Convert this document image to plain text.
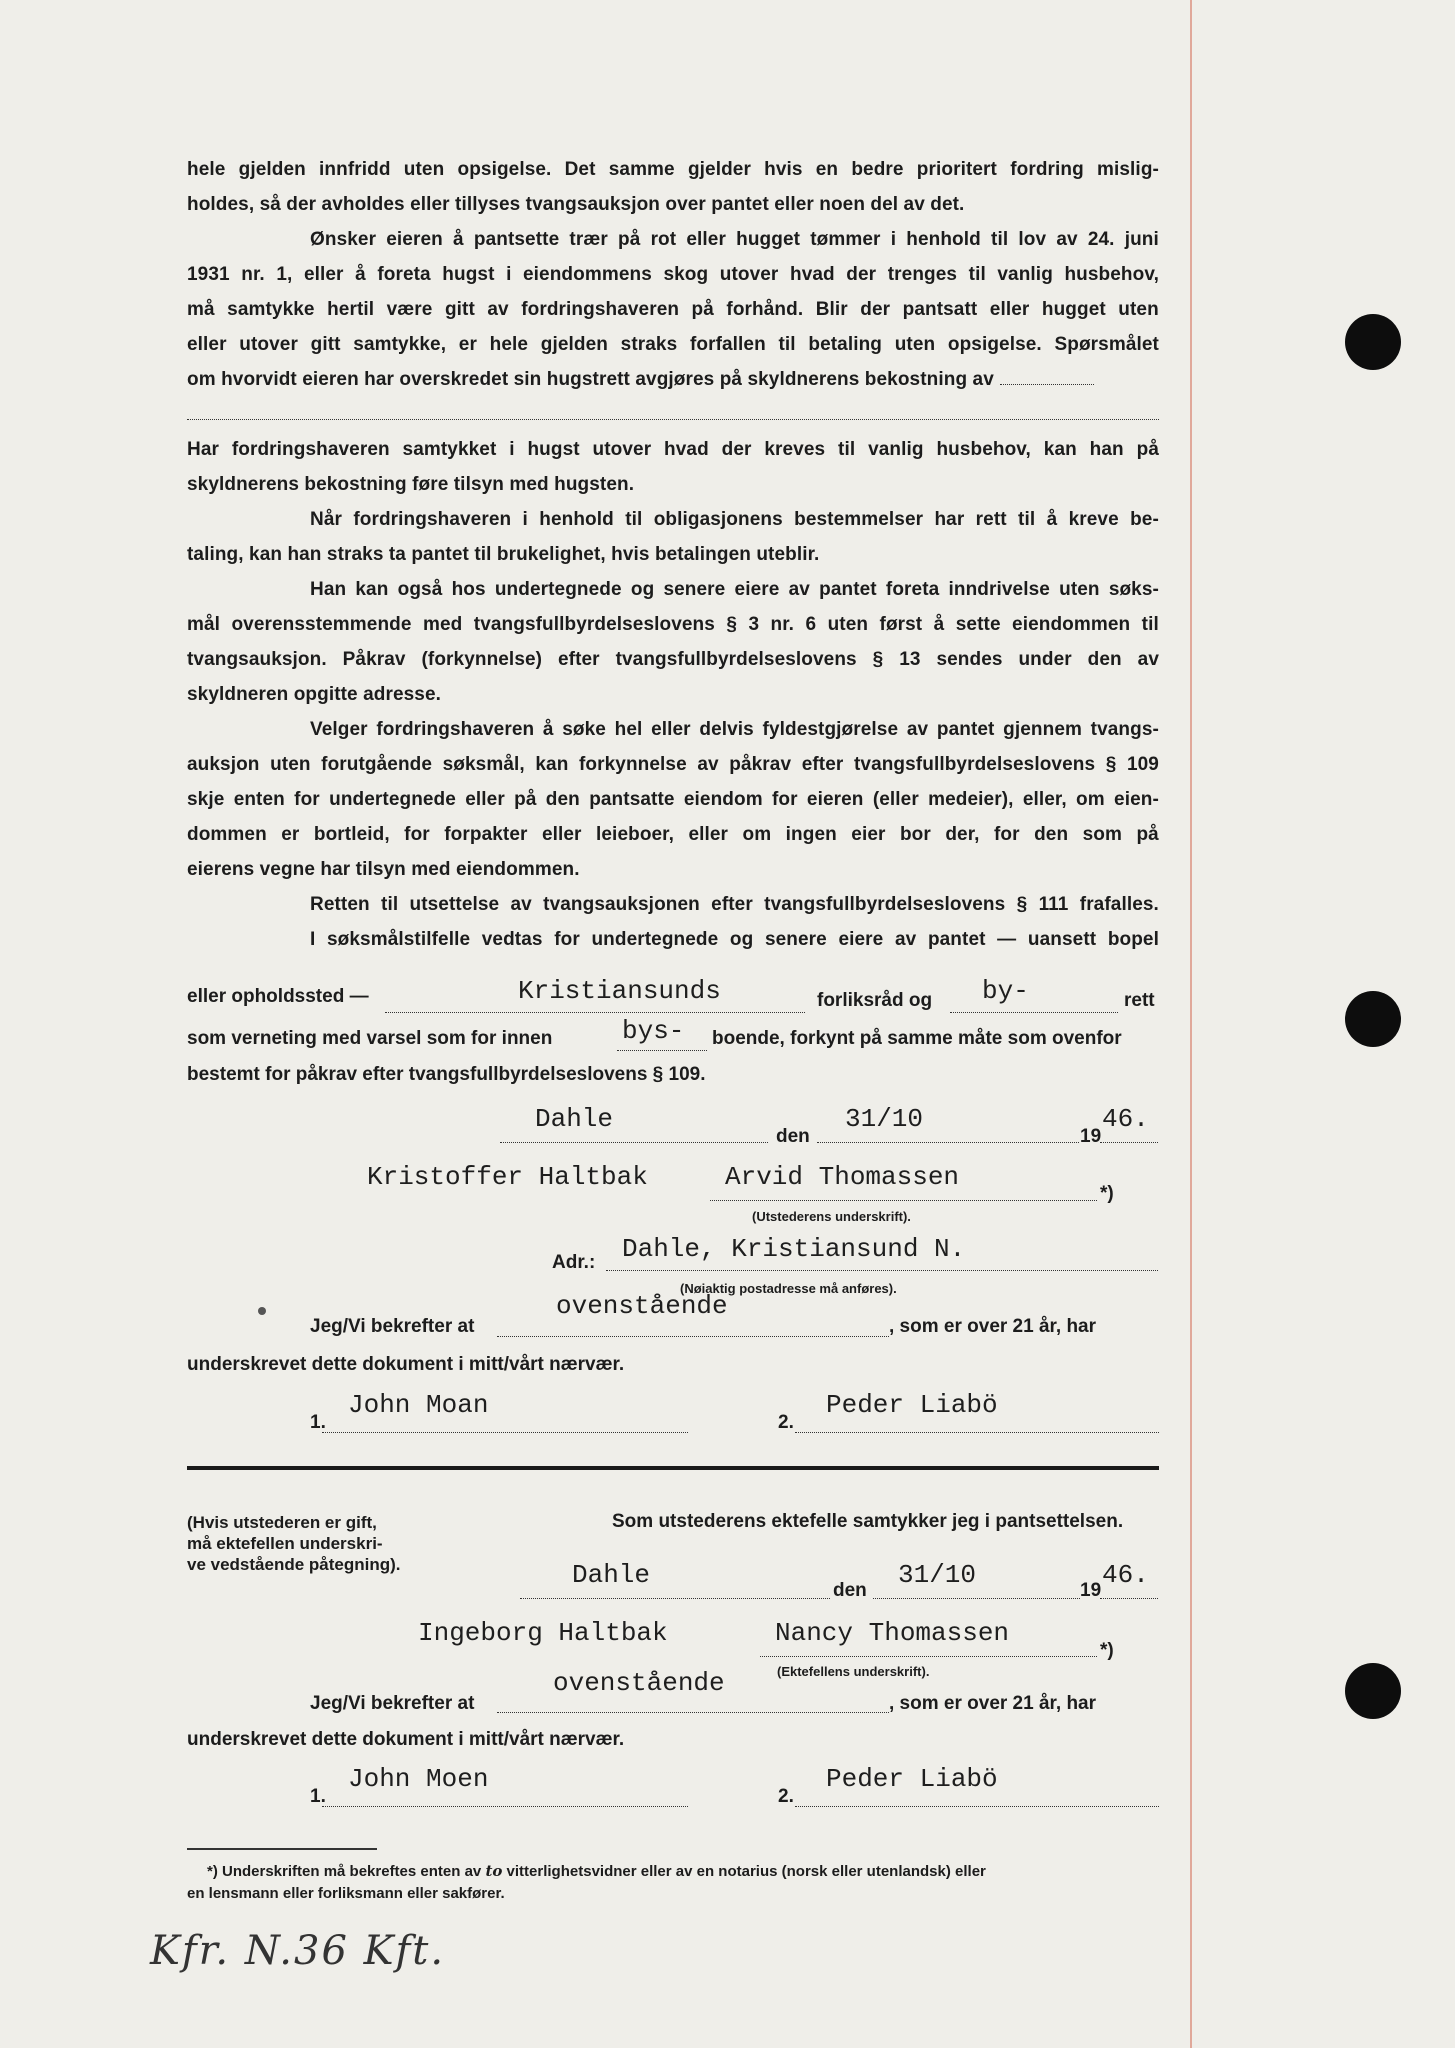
hele gjelden innfridd uten opsigelse. Det samme gjelder hvis en bedre prioritert fordring mislig-
holdes, så der avholdes eller tillyses tvangsauksjon over pantet eller noen del av det.
Ønsker eieren å pantsette trær på rot eller hugget tømmer i henhold til lov av 24. juni
1931 nr. 1, eller å foreta hugst i eiendommens skog utover hvad der trenges til vanlig husbehov,
må samtykke hertil være gitt av fordringshaveren på forhånd. Blir der pantsatt eller hugget uten
eller utover gitt samtykke, er hele gjelden straks forfallen til betaling uten opsigelse. Spørsmålet
om hvorvidt eieren har overskredet sin hugstrett avgjøres på skyldnerens bekostning av
Har fordringshaveren samtykket i hugst utover hvad der kreves til vanlig husbehov, kan han på
skyldnerens bekostning føre tilsyn med hugsten.
Når fordringshaveren i henhold til obligasjonens bestemmelser har rett til å kreve be-
taling, kan han straks ta pantet til brukelighet, hvis betalingen uteblir.
Han kan også hos undertegnede og senere eiere av pantet foreta inndrivelse uten søks-
mål overensstemmende med tvangsfullbyrdelseslovens § 3 nr. 6 uten først å sette eiendommen til
tvangsauksjon. Påkrav (forkynnelse) efter tvangsfullbyrdelseslovens § 13 sendes under den av
skyldneren opgitte adresse.
Velger fordringshaveren å søke hel eller delvis fyldestgjørelse av pantet gjennem tvangs-
auksjon uten forutgående søksmål, kan forkynnelse av påkrav efter tvangsfullbyrdelseslovens § 109
skje enten for undertegnede eller på den pantsatte eiendom for eieren (eller medeier), eller, om eien-
dommen er bortleid, for forpakter eller leieboer, eller om ingen eier bor der, for den som på
eierens vegne har tilsyn med eiendommen.
Retten til utsettelse av tvangsauksjonen efter tvangsfullbyrdelseslovens § 111 frafalles.
I søksmålstilfelle vedtas for undertegnede og senere eiere av pantet — uansett bopel
eller opholdssted —	Kristiansunds	forliksråd og by-	rett
som verneting med varsel som for innen	bys- boende, forkynt på samme måte som ovenfor
bestemt for påkrav efter tvangsfullbyrdelseslovens § 109.
Dahle
den
31/10
19
46.
Kristoffer Haltbak	Arvid Thomassen
*)
(Utstederens underskrift).
Adr.: Dahle, Kristiansund N.
(Nøiaktig postadresse må anføres).
Jeg/Vi bekrefter at
ovenstående
, som er over 21 år, har
underskrevet dette dokument i mitt/vårt nærvær.
1.
John Moan
2.
Peder Liabö
(Hvis utstederen er gift,
må ektefellen underskri-
ve vedstående påtegning).
Som utstederens ektefelle samtykker jeg i pantsettelsen.
Dahle
den
31/10
19
46.
Ingeborg Haltbak	Nancy Thomassen
*)
(Ektefellens underskrift).
Jeg/Vi bekrefter at
ovenstående
, som er over 21 år, har
underskrevet dette dokument i mitt/vårt nærvær.
1.
John Moen
2.
Peder Liabö
*) Underskriften må bekreftes enten av to vitterlighetsvidner eller av en notarius (norsk eller utenlandsk) eller
en lensmann eller forliksmann eller sakfører.
Kfr. N.36 Kft.
